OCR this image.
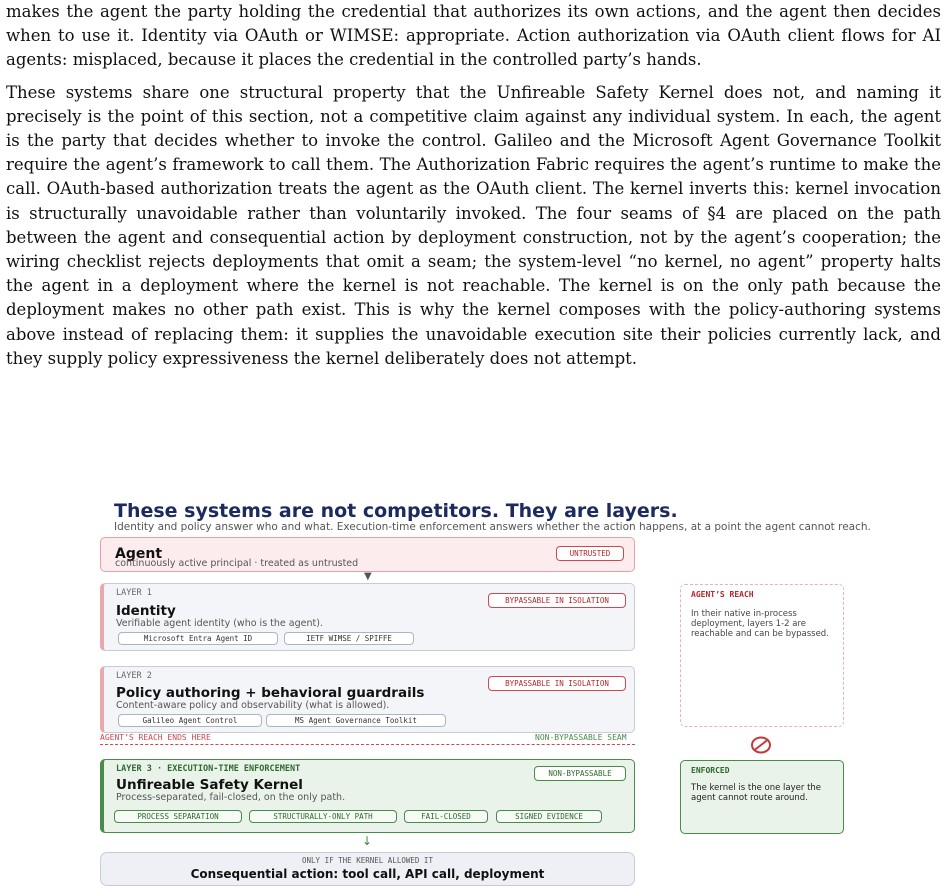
makes the agent the party holding the credential that authorizes its own actions, and the agent then decides when to use it. Identity via OAuth or WIMSE: appropriate. Action authorization via OAuth client flows for AI agents: misplaced, because it places the credential in the controlled party’s hands.

These systems share one structural property that the Unfireable Safety Kernel does not, and naming it precisely is the point of this section, not a competitive claim against any individual system. In each, the agent is the party that decides whether to invoke the control. Galileo and the Microsoft Agent Governance Toolkit require the agent’s framework to call them. The Authorization Fabric requires the agent’s runtime to make the call. OAuth-based authorization treats the agent as the OAuth client. The kernel inverts this: kernel invocation is structurally unavoidable rather than voluntarily invoked. The four seams of §4 are placed on the path between the agent and consequential action by deployment construction, not by the agent’s cooperation; the wiring checklist rejects deployments that omit a seam; the system-level “no kernel, no agent” property halts the agent in a deployment where the kernel is not reachable. The kernel is on the only path because the deployment makes no other path exist. This is why the kernel composes with the policy-authoring systems above instead of replacing them: it supplies the unavoidable execution site their policies currently lack, and they supply policy expressiveness the kernel deliberately does not attempt.

These systems are not competitors. They are layers.
Identity and policy answer who and what. Execution-time enforcement answers whether the action happens, at a point the agent cannot reach.
Agent
continuously active principal · treated as untrusted
UNTRUSTED
▼
LAYER 1
Identity
Verifiable agent identity (who is the agent).
BYPASSABLE IN ISOLATION
Microsoft Entra Agent ID	IETF WIMSE / SPIFFE
LAYER 2
Policy authoring + behavioral guardrails
Content-aware policy and observability (what is allowed).
BYPASSABLE IN ISOLATION
Galileo Agent Control	MS Agent Governance Toolkit
AGENT’S REACH ENDS HERE	NON-BYPASSABLE SEAM
LAYER 3 · EXECUTION-TIME ENFORCEMENT
Unfireable Safety Kernel
Process-separated, fail-closed, on the only path.
NON-BYPASSABLE
PROCESS SEPARATION	STRUCTURALLY-ONLY PATH	FAIL-CLOSED	SIGNED EVIDENCE
↓
ONLY IF THE KERNEL ALLOWED IT
Consequential action: tool call, API call, deployment
AGENT’S REACH
In their native in-process deployment, layers 1-2 are reachable and can be bypassed.
ENFORCED
The kernel is the one layer the agent cannot route around.
